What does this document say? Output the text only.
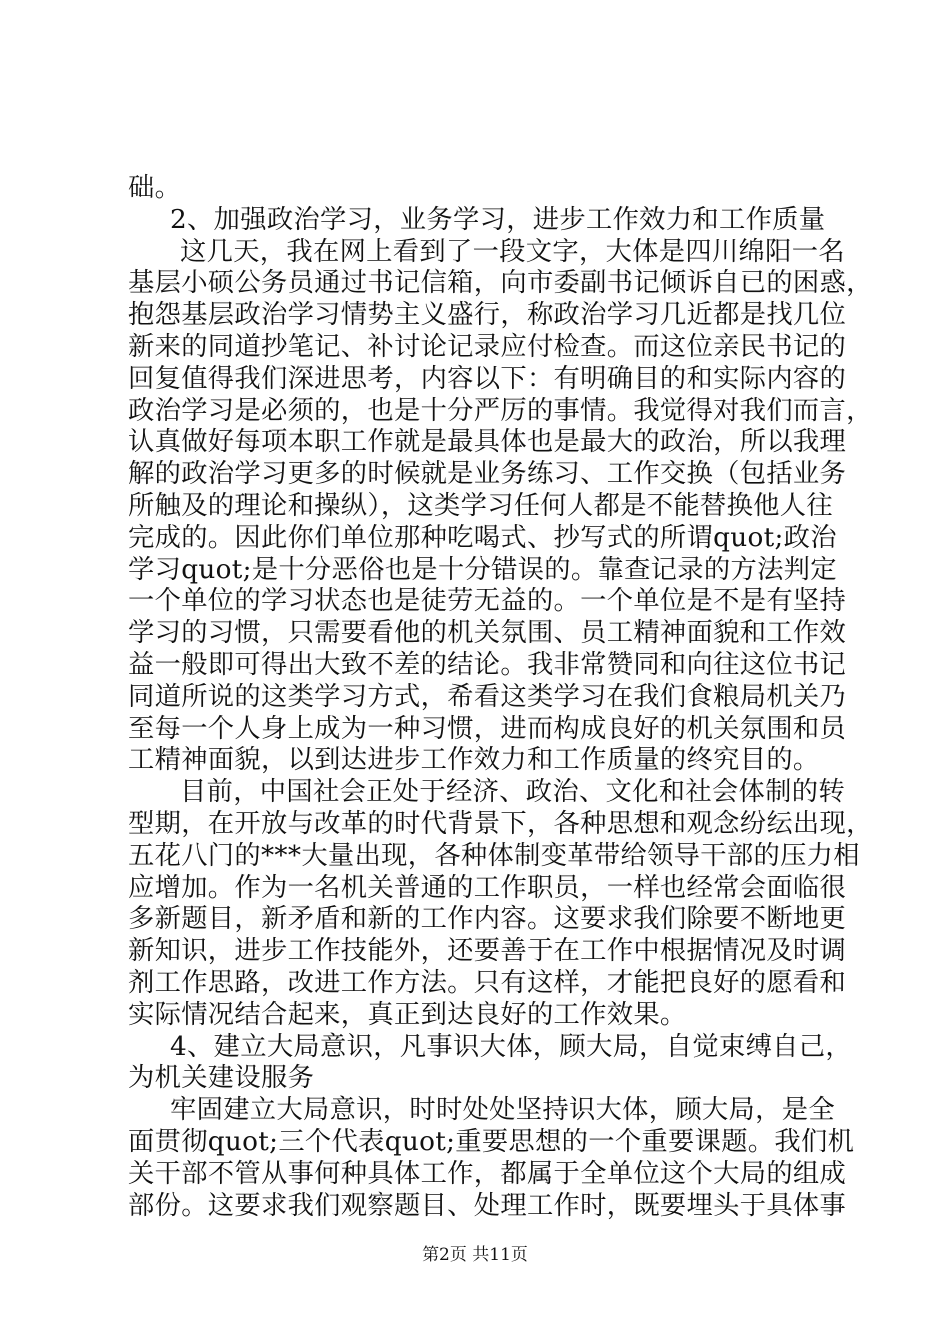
础。
2、加强政治学习，业务学习，进步工作效力和工作质量
这几天，我在网上看到了一段文字，大体是四川绵阳一名
基层小硕公务员通过书记信箱，向市委副书记倾诉自已的困惑，
抱怨基层政治学习情势主义盛行，称政治学习几近都是找几位
新来的同道抄笔记、补讨论记录应付检查。而这位亲民书记的
回复值得我们深进思考，内容以下：有明确目的和实际内容的
政治学习是必须的，也是十分严厉的事情。我觉得对我们而言，
认真做好每项本职工作就是最具体也是最大的政治，所以我理
解的政治学习更多的时候就是业务练习、工作交换（包括业务
所触及的理论和操纵），这类学习任何人都是不能替换他人往
完成的。因此你们单位那种吃喝式、抄写式的所谓quot;政治
学习quot;是十分恶俗也是十分错误的。靠查记录的方法判定
一个单位的学习状态也是徒劳无益的。一个单位是不是有坚持
学习的习惯，只需要看他的机关氛围、员工精神面貌和工作效
益一般即可得出大致不差的结论。我非常赞同和向往这位书记
同道所说的这类学习方式，希看这类学习在我们食粮局机关乃
至每一个人身上成为一种习惯，进而构成良好的机关氛围和员
工精神面貌，以到达进步工作效力和工作质量的终究目的。
目前，中国社会正处于经济、政治、文化和社会体制的转
型期，在开放与改革的时代背景下，各种思想和观念纷纭出现，
五花八门的***大量出现，各种体制变革带给领导干部的压力相
应增加。作为一名机关普通的工作职员，一样也经常会面临很
多新题目，新矛盾和新的工作内容。这要求我们除要不断地更
新知识，进步工作技能外，还要善于在工作中根据情况及时调
剂工作思路，改进工作方法。只有这样，才能把良好的愿看和
实际情况结合起来，真正到达良好的工作效果。
4、建立大局意识，凡事识大体，顾大局，自觉束缚自己，
为机关建设服务
牢固建立大局意识，时时处处坚持识大体，顾大局，是全
面贯彻quot;三个代表quot;重要思想的一个重要课题。我们机
关干部不管从事何种具体工作，都属于全单位这个大局的组成
部份。这要求我们观察题目、处理工作时，既要埋头于具体事
第2页 共11页
